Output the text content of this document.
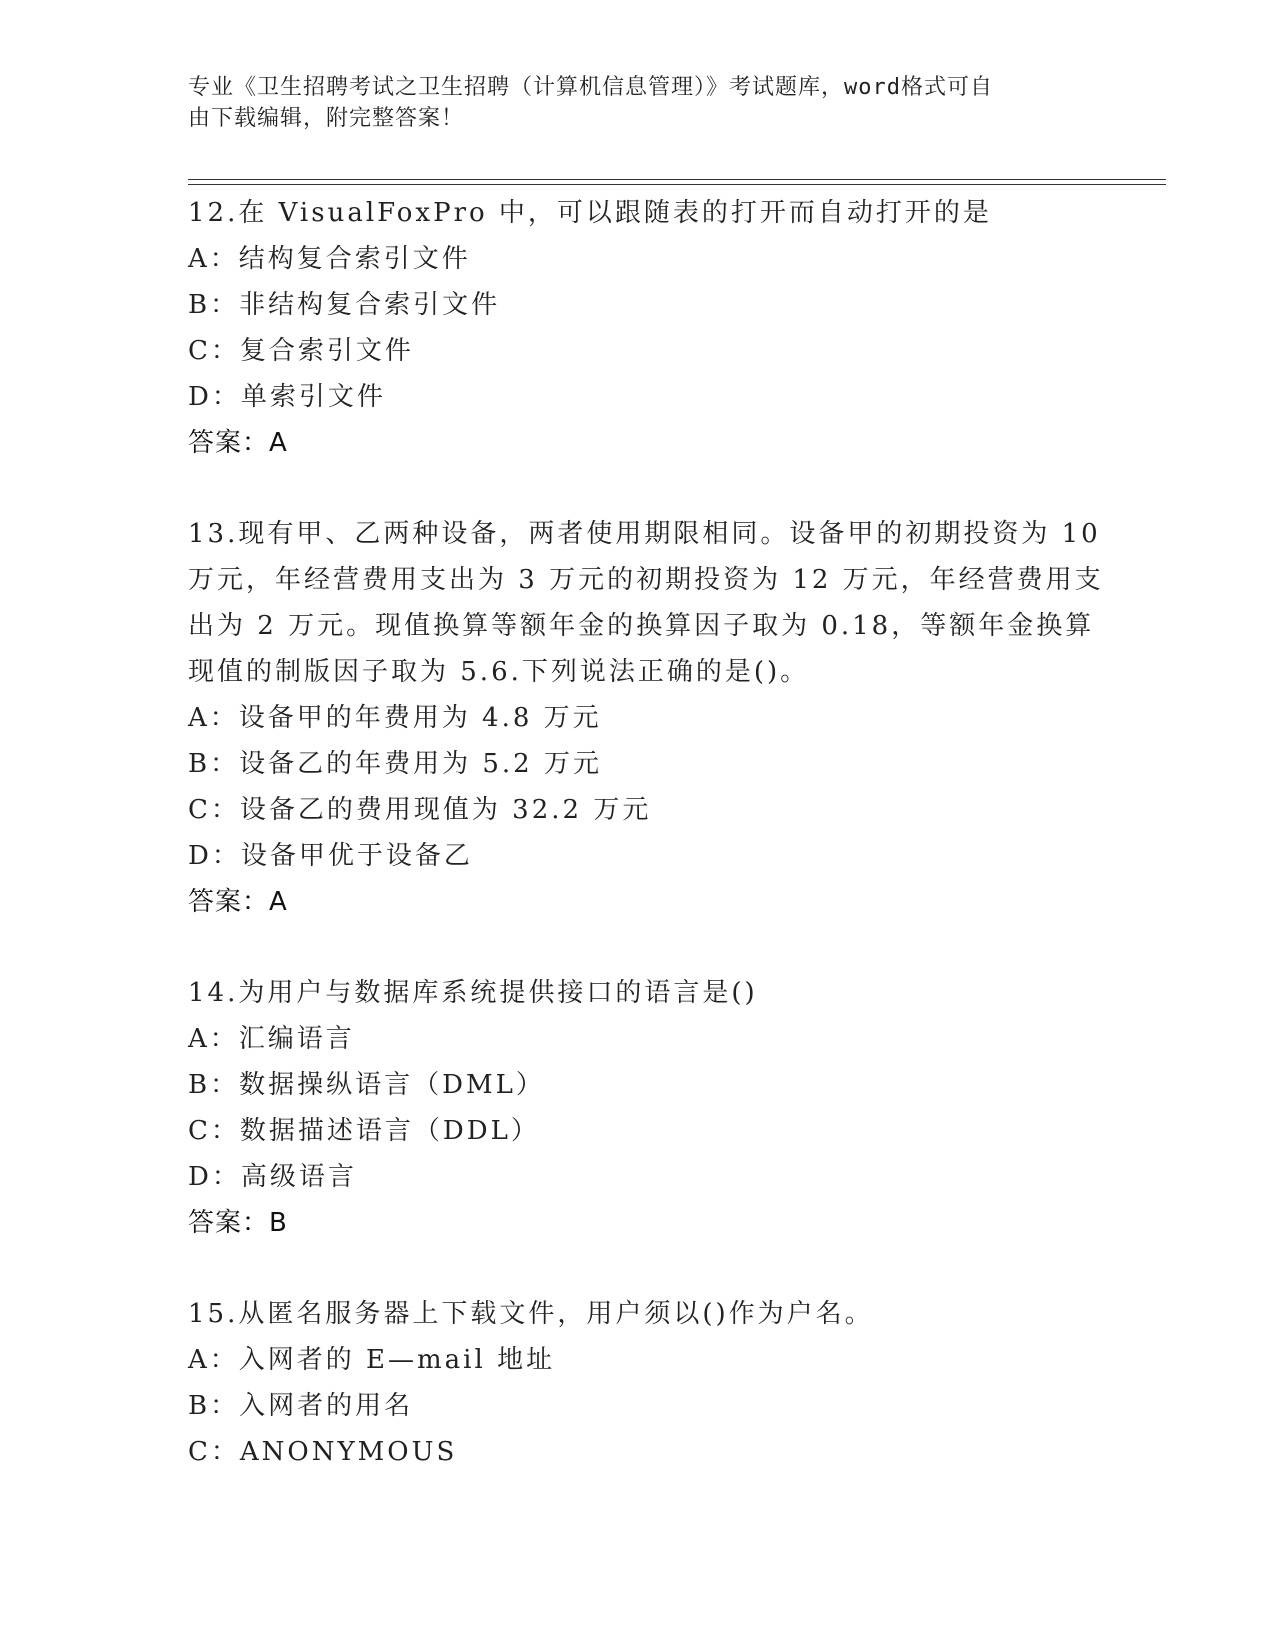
专业《卫生招聘考试之卫生招聘（计算机信息管理）》考试题库，word格式可自
由下载编辑，附完整答案！
12.在 VisualFoxPro 中，可以跟随表的打开而自动打开的是
A：结构复合索引文件
B：非结构复合索引文件
C：复合索引文件
D：单索引文件
答案：A
13.现有甲、乙两种设备，两者使用期限相同。设备甲的初期投资为 10
万元，年经营费用支出为 3 万元的初期投资为 12 万元，年经营费用支
出为 2 万元。现值换算等额年金的换算因子取为 0.18，等额年金换算
现值的制版因子取为 5.6.下列说法正确的是()。
A：设备甲的年费用为 4.8 万元
B：设备乙的年费用为 5.2 万元
C：设备乙的费用现值为 32.2 万元
D：设备甲优于设备乙
答案：A
14.为用户与数据库系统提供接口的语言是()
A：汇编语言
B：数据操纵语言（DML）
C：数据描述语言（DDL）
D：高级语言
答案：B
15.从匿名服务器上下载文件，用户须以()作为户名。
A：入网者的 E—mail 地址
B：入网者的用名
C：ANONYMOUS
